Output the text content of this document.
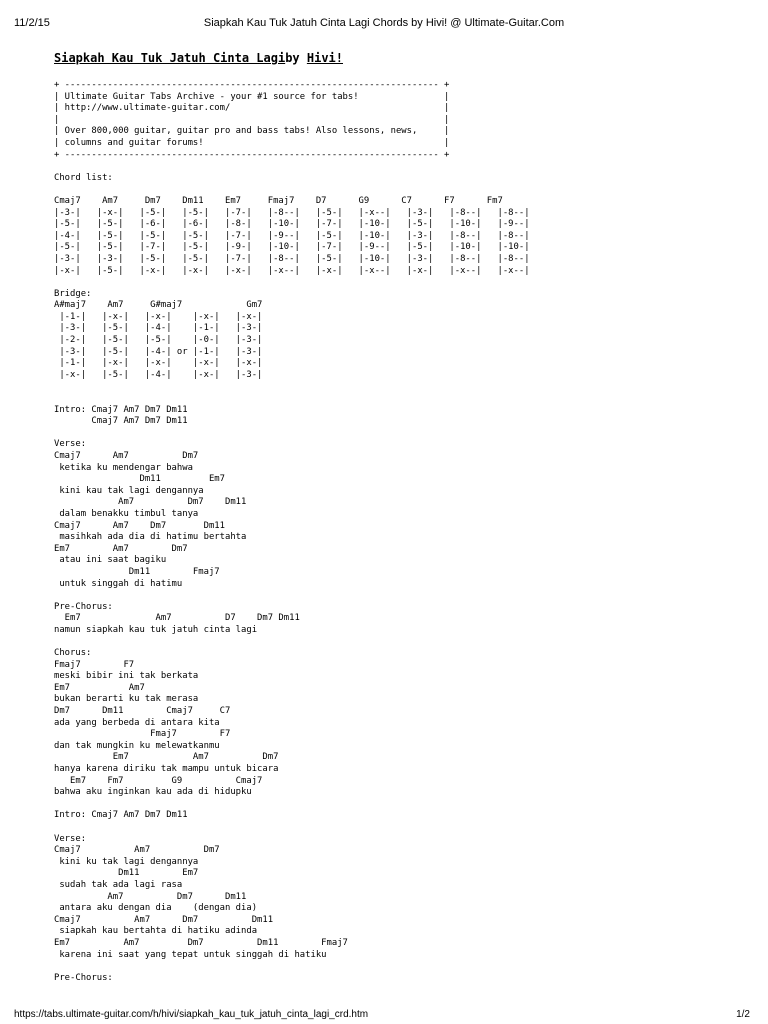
11/2/15	Siapkah Kau Tuk Jatuh Cinta Lagi Chords by Hivi! @ Ultimate-Guitar.Com
Siapkah Kau Tuk Jatuh Cinta Lagiby Hivi!
+ ---------------------------------------------------------------------- +
| Ultimate Guitar Tabs Archive - your #1 source for tabs!                |
| http://www.ultimate-guitar.com/                                        |
|                                                                        |
| Over 800,000 guitar, guitar pro and bass tabs! Also lessons, news,     |
| columns and guitar forums!                                             |
+ ---------------------------------------------------------------------- +

Chord list:

Cmaj7    Am7     Dm7    Dm11    Em7     Fmaj7    D7      G9      C7      F7      Fm7
|-3-|   |-x-|   |-5-|   |-5-|   |-7-|   |-8--|   |-5-|   |-x--|   |-3-|   |-8--|   |-8--|
|-5-|   |-5-|   |-6-|   |-6-|   |-8-|   |-10-|   |-7-|   |-10-|   |-5-|   |-10-|   |-9--|
|-4-|   |-5-|   |-5-|   |-5-|   |-7-|   |-9--|   |-5-|   |-10-|   |-3-|   |-8--|   |-8--|
|-5-|   |-5-|   |-7-|   |-5-|   |-9-|   |-10-|   |-7-|   |-9--|   |-5-|   |-10-|   |-10-|
|-3-|   |-3-|   |-5-|   |-5-|   |-7-|   |-8--|   |-5-|   |-10-|   |-3-|   |-8--|   |-8--|
|-x-|   |-5-|   |-x-|   |-x-|   |-x-|   |-x--|   |-x-|   |-x--|   |-x-|   |-x--|   |-x--|

Bridge:
A#maj7    Am7     G#maj7            Gm7
|-1-|   |-x-|   |-x-|    |-x-|   |-x-|
|-3-|   |-5-|   |-4-|    |-1-|   |-3-|
|-2-|   |-5-|   |-5-|    |-0-|   |-3-|
|-3-|   |-5-|   |-4-| or |-1-|   |-3-|
|-1-|   |-x-|   |-x-|    |-x-|   |-x-|
|-x-|   |-5-|   |-4-|    |-x-|   |-3-|

Intro: Cmaj7 Am7 Dm7 Dm11
Cmaj7 Am7 Dm7 Dm11

Verse:
Cmaj7      Am7          Dm7
ketika ku mendengar bahwa
Dm11         Em7
kini kau tak lagi dengannya
Am7          Dm7    Dm11
dalam benakku timbul tanya
Cmaj7      Am7    Dm7       Dm11
masihkah ada dia di hatimu bertahta
Em7        Am7        Dm7
atau ini saat bagiku
Dm11        Fmaj7
untuk singgah di hatimu

Pre-Chorus:
Em7              Am7          D7    Dm7 Dm11
namun siapkah kau tuk jatuh cinta lagi

Chorus:
Fmaj7        F7
meski bibir ini tak berkata
Em7           Am7
bukan berarti ku tak merasa
Dm7      Dm11        Cmaj7     C7
ada yang berbeda di antara kita
Fmaj7        F7
dan tak mungkin ku melewatkanmu
Em7            Am7          Dm7
hanya karena diriku tak mampu untuk bicara
Em7    Fm7         G9          Cmaj7
bahwa aku inginkan kau ada di hidupku

Intro: Cmaj7 Am7 Dm7 Dm11

Verse:
Cmaj7          Am7          Dm7
kini ku tak lagi dengannya
Dm11        Em7
sudah tak ada lagi rasa
Am7          Dm7      Dm11
antara aku dengan dia    (dengan dia)
Cmaj7          Am7      Dm7          Dm11
siapkah kau bertahta di hatiku adinda
Em7          Am7         Dm7          Dm11        Fmaj7
karena ini saat yang tepat untuk singgah di hatiku

Pre-Chorus:
https://tabs.ultimate-guitar.com/h/hivi/siapkah_kau_tuk_jatuh_cinta_lagi_crd.htm	1/2
